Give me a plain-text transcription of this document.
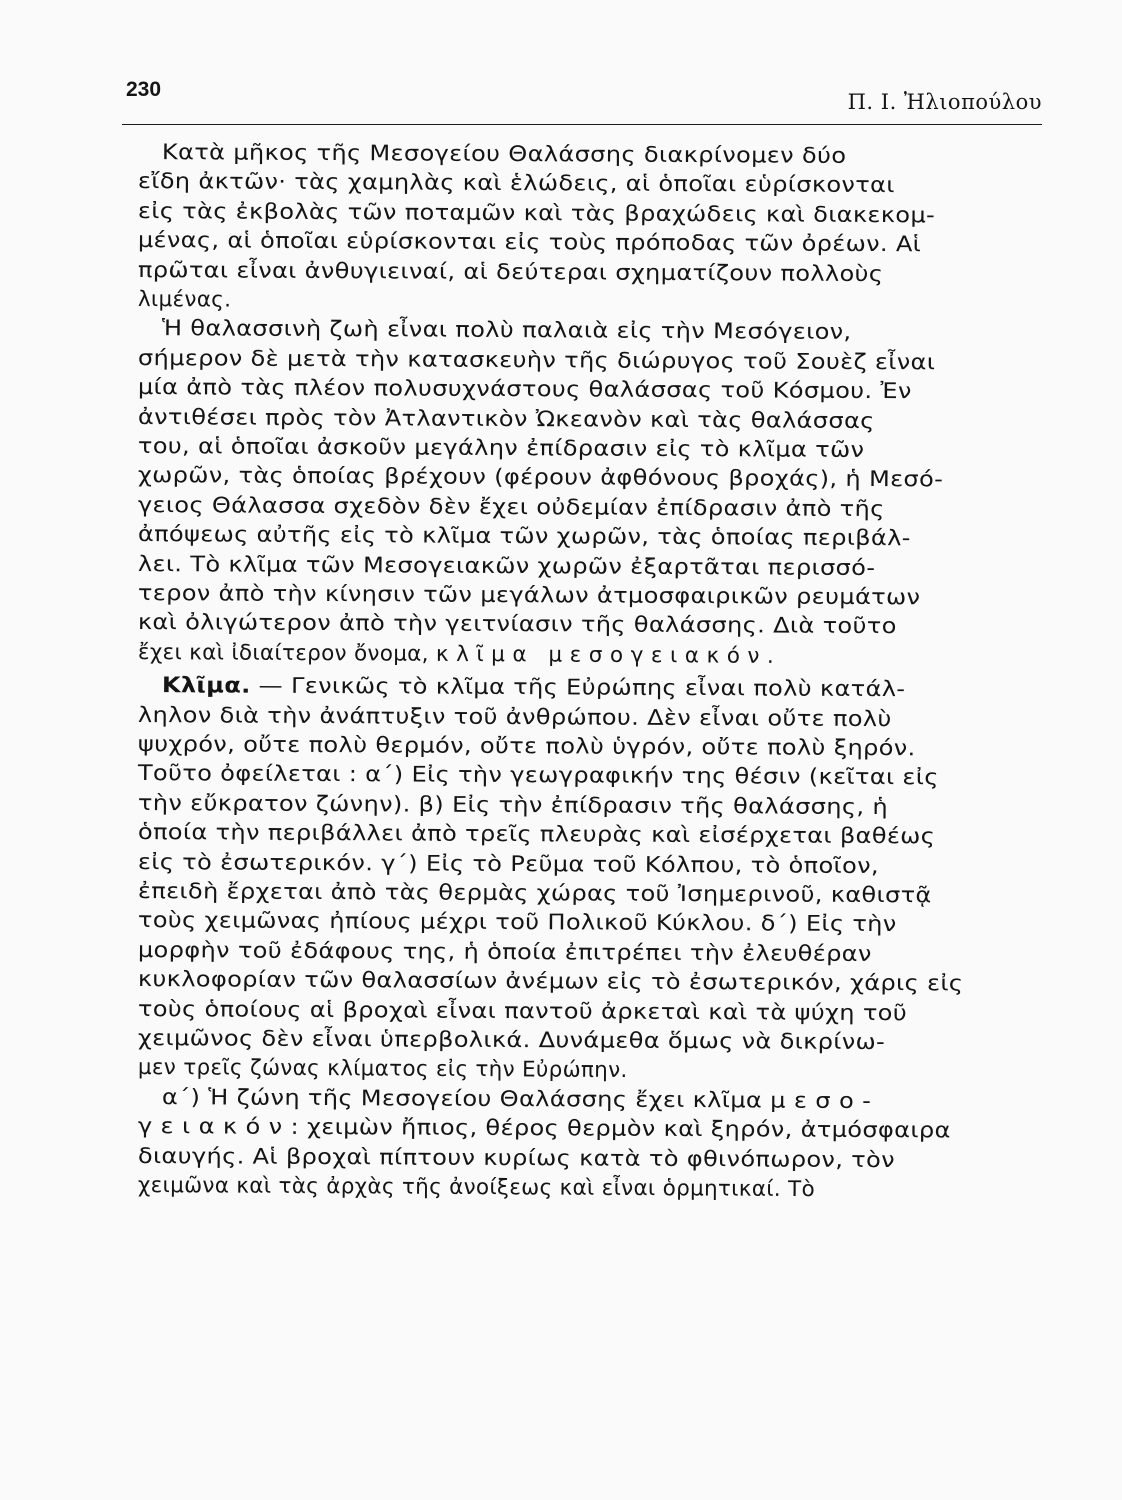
230
Π. Ι. Ἠλιοπούλου
Κατὰ μῆκος τῆς Μεσογείου Θαλάσσης διακρίνομεν δύο
εἴδη ἀκτῶν· τὰς χαμηλὰς καὶ ἑλώδεις, αἱ ὁποῖαι εὑρίσκονται
εἰς τὰς ἐκβολὰς τῶν ποταμῶν καὶ τὰς βραχώδεις καὶ διακεκομ-
μένας, αἱ ὁποῖαι εὑρίσκονται εἰς τοὺς πρόποδας τῶν ὀρέων. Αἱ
πρῶται εἶναι ἀνθυγιειναί, αἱ δεύτεραι σχηματίζουν πολλοὺς
λιμένας.
Ἡ θαλασσινὴ ζωὴ εἶναι πολὺ παλαιὰ εἰς τὴν Μεσόγειον,
σήμερον δὲ μετὰ τὴν κατασκευὴν τῆς διώρυγος τοῦ Σουὲζ εἶναι
μία ἀπὸ τὰς πλέον πολυσυχνάστους θαλάσσας τοῦ Κόσμου. Ἐν
ἀντιθέσει πρὸς τὸν Ἀτλαντικὸν Ὠκεανὸν καὶ τὰς θαλάσσας
του, αἱ ὁποῖαι ἀσκοῦν μεγάλην ἐπίδρασιν εἰς τὸ κλῖμα τῶν
χωρῶν, τὰς ὁποίας βρέχουν (φέρουν ἀφθόνους βροχάς), ἡ Μεσό-
γειος Θάλασσα σχεδὸν δὲν ἔχει οὐδεμίαν ἐπίδρασιν ἀπὸ τῆς
ἀπόψεως αὐτῆς εἰς τὸ κλῖμα τῶν χωρῶν, τὰς ὁποίας περιβάλ-
λει. Τὸ κλῖμα τῶν Μεσογειακῶν χωρῶν ἐξαρτᾶται περισσό-
τερον ἀπὸ τὴν κίνησιν τῶν μεγάλων ἀτμοσφαιρικῶν ρευμάτων
καὶ ὀλιγώτερον ἀπὸ τὴν γειτνίασιν τῆς θαλάσσης. Διὰ τοῦτο
ἔχει καὶ ἰδιαίτερον ὄνομα, κλῖμα μεσογειακόν.
Κλῖμα. — Γενικῶς τὸ κλῖμα τῆς Εὐρώπης εἶναι πολὺ κατάλ-
ληλον διὰ τὴν ἀνάπτυξιν τοῦ ἀνθρώπου. Δὲν εἶναι οὔτε πολὺ
ψυχρόν, οὔτε πολὺ θερμόν, οὔτε πολὺ ὑγρόν, οὔτε πολὺ ξηρόν.
Τοῦτο ὀφείλεται : α΄) Εἰς τὴν γεωγραφικήν της θέσιν (κεῖται εἰς
τὴν εὔκρατον ζώνην). β) Εἰς τὴν ἐπίδρασιν τῆς θαλάσσης, ἡ
ὁποία τὴν περιβάλλει ἀπὸ τρεῖς πλευρὰς καὶ εἰσέρχεται βαθέως
εἰς τὸ ἐσωτερικόν. γ΄) Εἰς τὸ Ρεῦμα τοῦ Κόλπου, τὸ ὁποῖον,
ἐπειδὴ ἔρχεται ἀπὸ τὰς θερμὰς χώρας τοῦ Ἰσημερινοῦ, καθιστᾷ
τοὺς χειμῶνας ἠπίους μέχρι τοῦ Πολικοῦ Κύκλου. δ΄) Εἰς τὴν
μορφὴν τοῦ ἐδάφους της, ἡ ὁποία ἐπιτρέπει τὴν ἐλευθέραν
κυκλοφορίαν τῶν θαλασσίων ἀνέμων εἰς τὸ ἐσωτερικόν, χάρις εἰς
τοὺς ὁποίους αἱ βροχαὶ εἶναι παντοῦ ἀρκεταὶ καὶ τὰ ψύχη τοῦ
χειμῶνος δὲν εἶναι ὑπερβολικά. Δυνάμεθα ὅμως νὰ δικρίνω-
μεν τρεῖς ζώνας κλίματος εἰς τὴν Εὐρώπην.
α΄) Ἡ ζώνη τῆς Μεσογείου Θαλάσσης ἔχει κλῖμα μεσο-
γειακόν: χειμὼν ἤπιος, θέρος θερμὸν καὶ ξηρόν, ἀτμόσφαιρα
διαυγής. Αἱ βροχαὶ πίπτουν κυρίως κατὰ τὸ φθινόπωρον, τὸν
χειμῶνα καὶ τὰς ἀρχὰς τῆς ἀνοίξεως καὶ εἶναι ὁρμητικαί. Τὸ
